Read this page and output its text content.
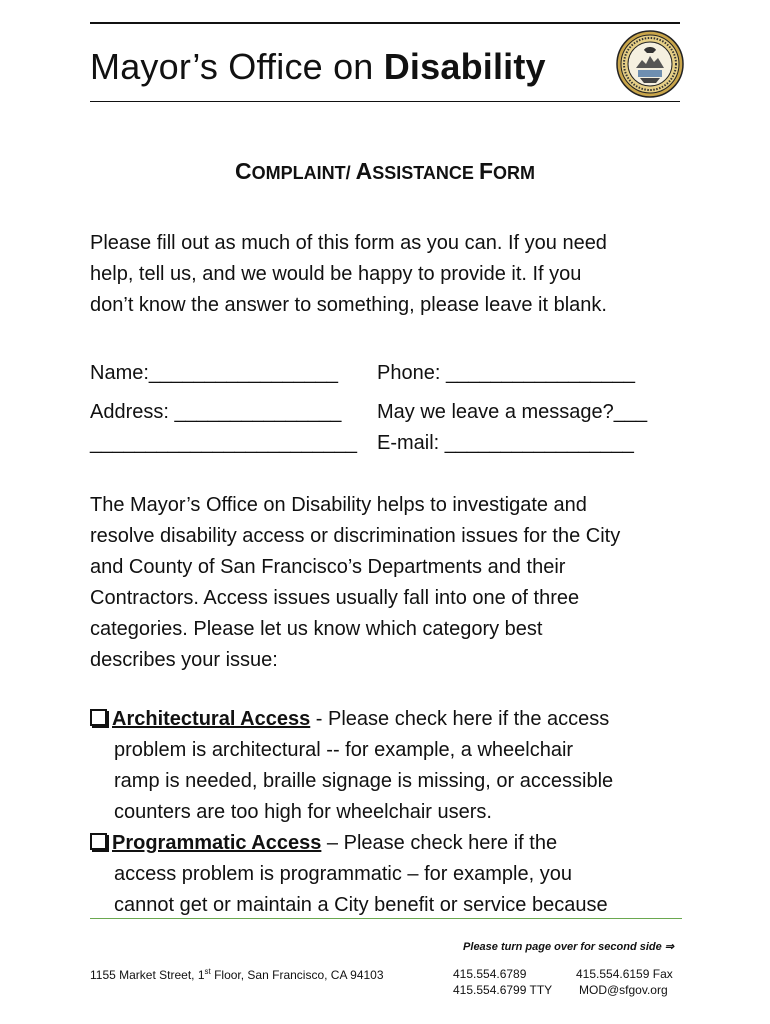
Mayor’s Office on Disability
COMPLAINT/ ASSISTANCE FORM
Please fill out as much of this form as you can. If you need
help, tell us, and we would be happy to provide it. If you
don’t know the answer to something, please leave it blank.
Name:_________________ Phone: _________________
Address: _______________ May we leave a message?___
________________________ E-mail: _________________
The Mayor’s Office on Disability helps to investigate and
resolve disability access or discrimination issues for the City
and County of San Francisco’s Departments and their
Contractors. Access issues usually fall into one of three
categories. Please let us know which category best
describes your issue:
Architectural Access - Please check here if the access
problem is architectural -- for example, a wheelchair
ramp is needed, braille signage is missing, or accessible
counters are too high for wheelchair users.
Programmatic Access – Please check here if the
access problem is programmatic – for example, you
cannot get or maintain a City benefit or service because
Please turn page over for second side ⇒
1155 Market Street, 1st Floor, San Francisco, CA 94103	415.554.6789
415.554.6799 TTY
415.554.6159 Fax
MOD@sfgov.org
